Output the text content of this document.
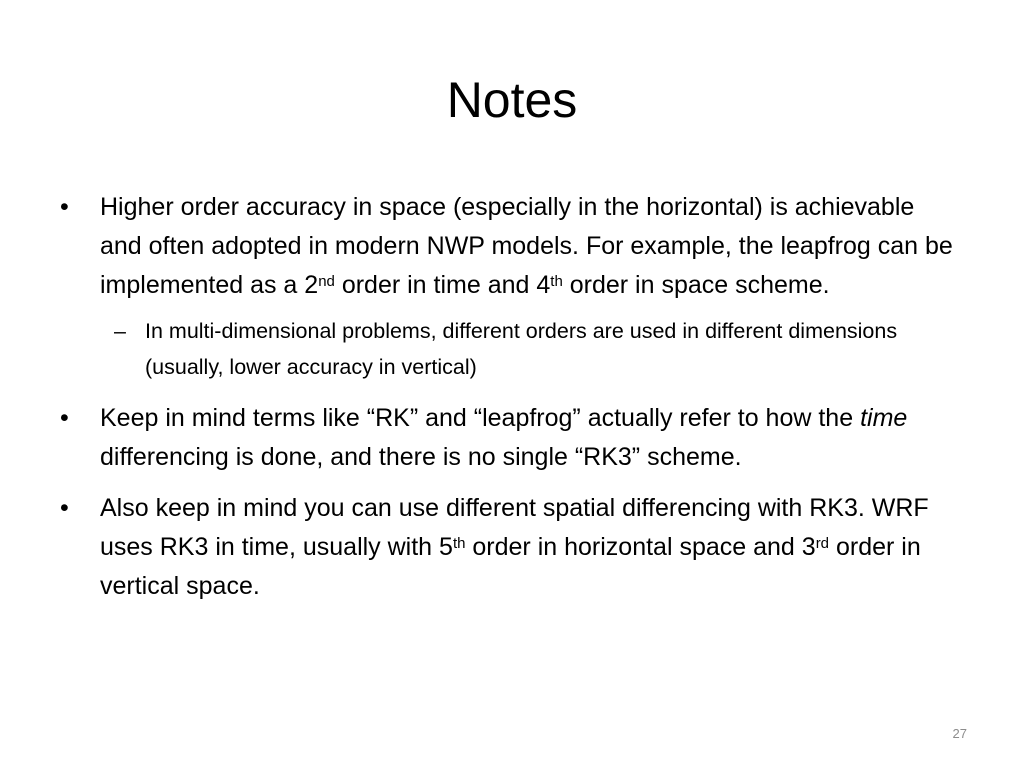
Notes
•	Higher order accuracy in space (especially in the horizontal) is achievable and often adopted in modern NWP models. For example, the leapfrog can be implemented as a 2nd order in time and 4th order in space scheme.
– In multi-dimensional problems, different orders are used in different dimensions (usually, lower accuracy in vertical)
•	Keep in mind terms like “RK” and “leapfrog” actually refer to how the time differencing is done, and there is no single “RK3” scheme.
•	Also keep in mind you can use different spatial differencing with RK3. WRF uses RK3 in time, usually with 5th order in horizontal space and 3rd order in vertical space.
27
